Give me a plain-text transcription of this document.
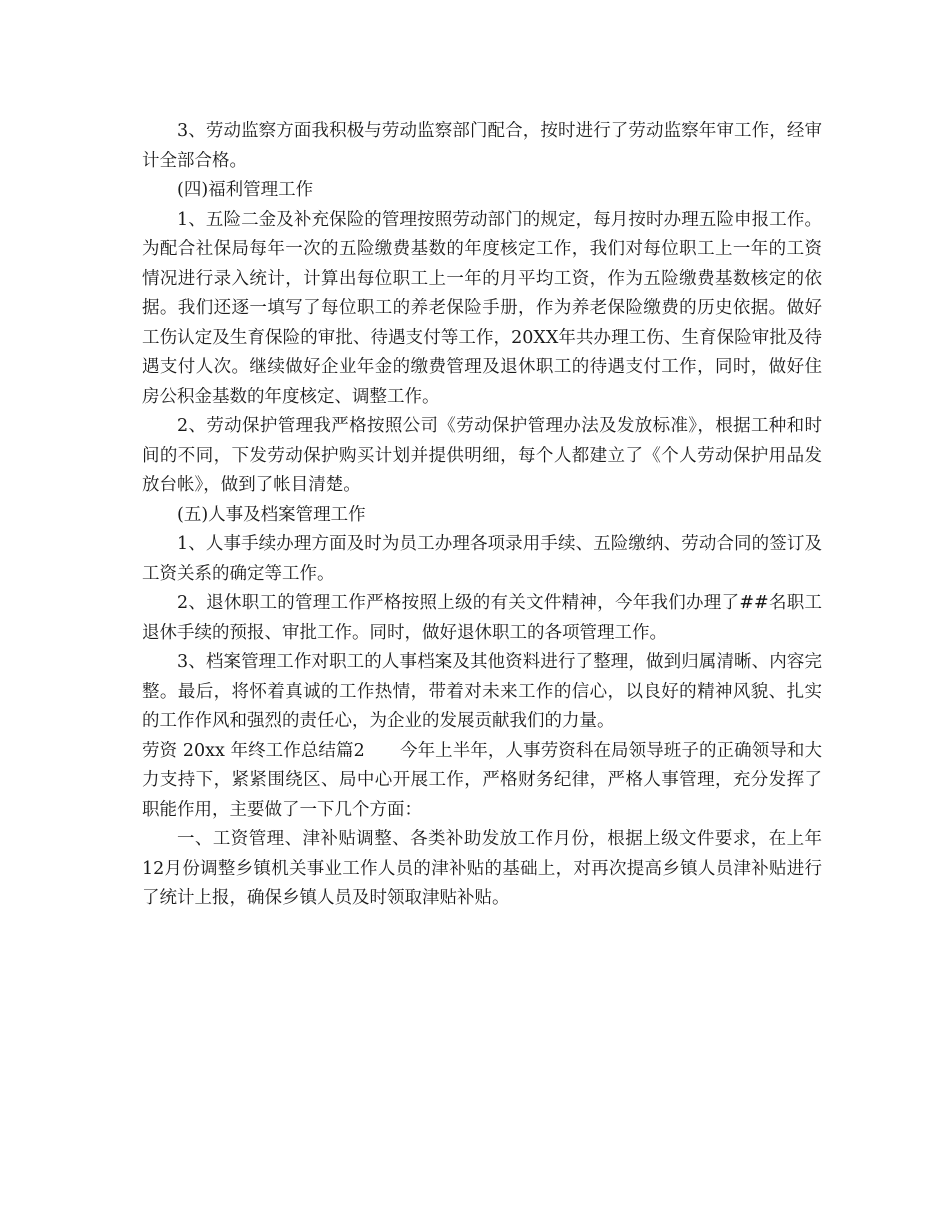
3、劳动监察方面我积极与劳动监察部门配合，按时进行了劳动监察年审工作，经审计全部合格。

(四)福利管理工作

1、五险二金及补充保险的管理按照劳动部门的规定，每月按时办理五险申报工作。为配合社保局每年一次的五险缴费基数的年度核定工作，我们对每位职工上一年的工资情况进行录入统计，计算出每位职工上一年的月平均工资，作为五险缴费基数核定的依据。我们还逐一填写了每位职工的养老保险手册，作为养老保险缴费的历史依据。做好工伤认定及生育保险的审批、待遇支付等工作，20XX年共办理工伤、生育保险审批及待遇支付人次。继续做好企业年金的缴费管理及退休职工的待遇支付工作，同时，做好住房公积金基数的年度核定、调整工作。

2、劳动保护管理我严格按照公司《劳动保护管理办法及发放标准》，根据工种和时间的不同，下发劳动保护购买计划并提供明细，每个人都建立了《个人劳动保护用品发放台帐》，做到了帐目清楚。

(五)人事及档案管理工作

1、人事手续办理方面及时为员工办理各项录用手续、五险缴纳、劳动合同的签订及工资关系的确定等工作。

2、退休职工的管理工作严格按照上级的有关文件精神，今年我们办理了##名职工退休手续的预报、审批工作。同时，做好退休职工的各项管理工作。

3、档案管理工作对职工的人事档案及其他资料进行了整理，做到归属清晰、内容完整。最后，将怀着真诚的工作热情，带着对未来工作的信心，以良好的精神风貌、扎实的工作作风和强烈的责任心，为企业的发展贡献我们的力量。

劳资 20xx 年终工作总结篇2　　今年上半年，人事劳资科在局领导班子的正确领导和大力支持下，紧紧围绕区、局中心开展工作，严格财务纪律，严格人事管理，充分发挥了职能作用，主要做了一下几个方面：

一、工资管理、津补贴调整、各类补助发放工作月份，根据上级文件要求，在上年12月份调整乡镇机关事业工作人员的津补贴的基础上，对再次提高乡镇人员津补贴进行了统计上报，确保乡镇人员及时领取津贴补贴。
